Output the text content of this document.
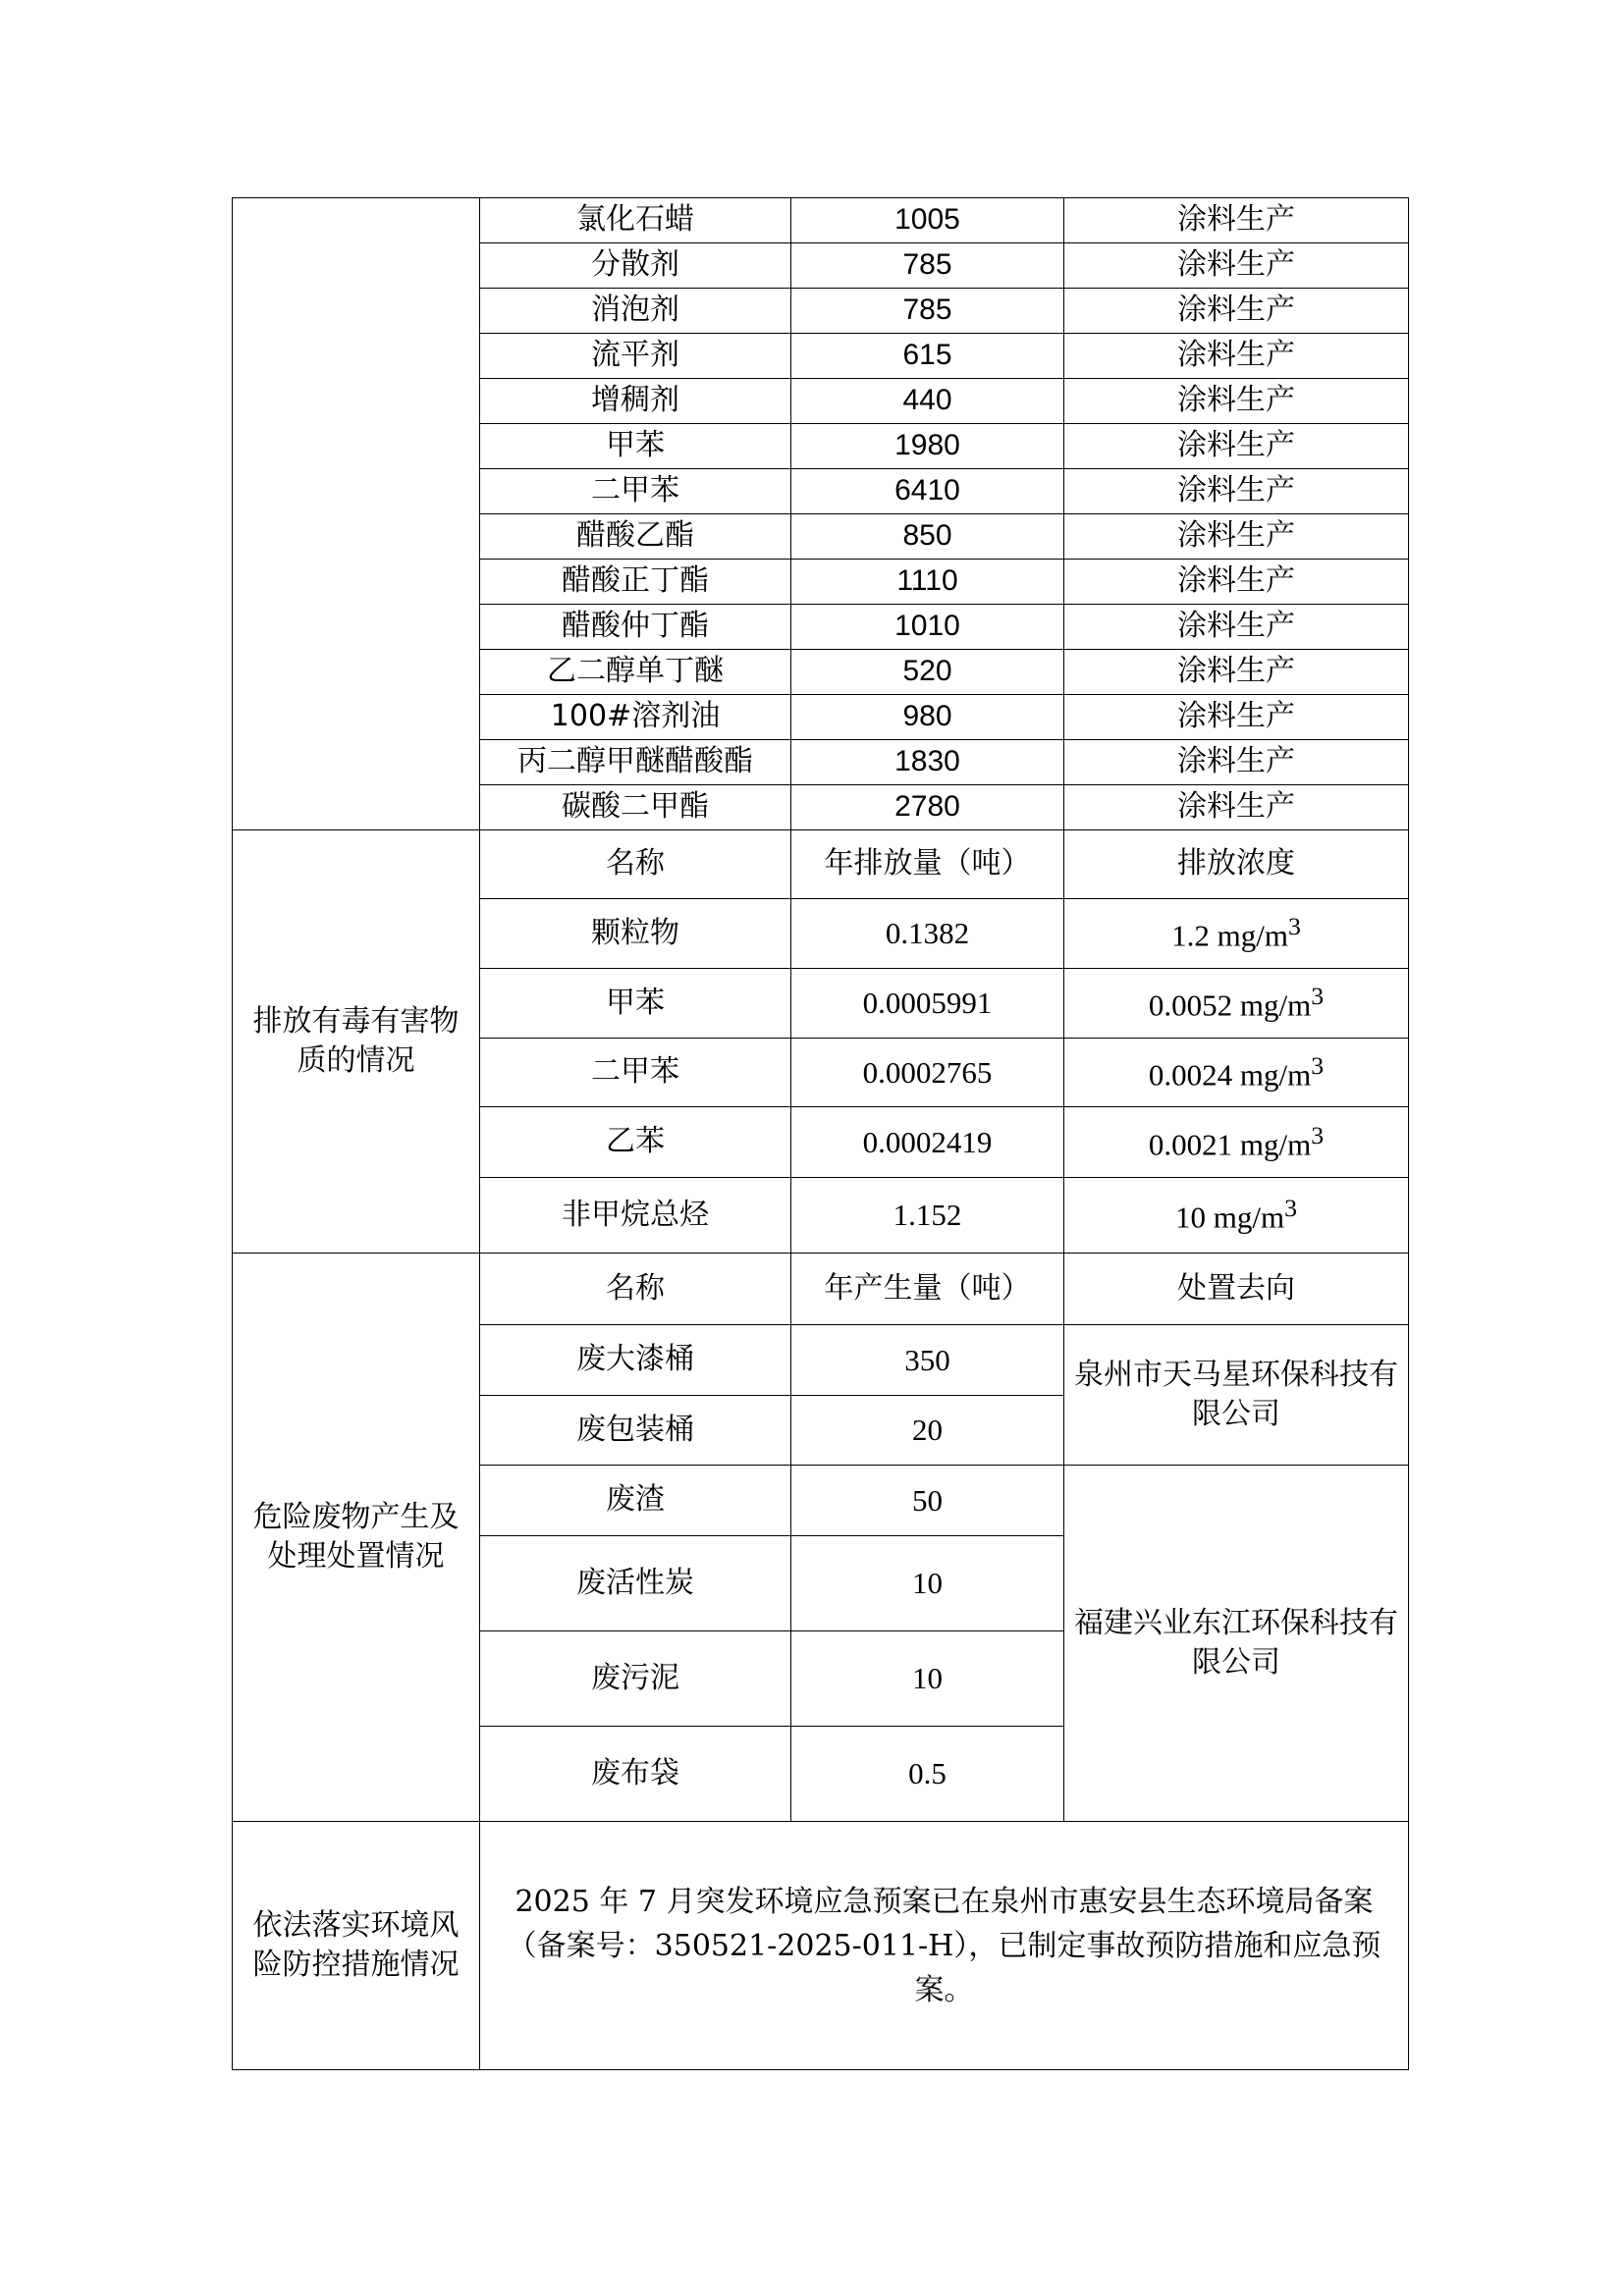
	氯化石蜡	1005	涂料生产
	分散剂	785	涂料生产
	消泡剂	785	涂料生产
	流平剂	615	涂料生产
	增稠剂	440	涂料生产
	甲苯	1980	涂料生产
	二甲苯	6410	涂料生产
	醋酸乙酯	850	涂料生产
	醋酸正丁酯	1110	涂料生产
	醋酸仲丁酯	1010	涂料生产
	乙二醇单丁醚	520	涂料生产
	100#溶剂油	980	涂料生产
	丙二醇甲醚醋酸酯	1830	涂料生产
	碳酸二甲酯	2780	涂料生产
排放有毒有害物质的情况	名称	年排放量（吨）	排放浓度
	颗粒物	0.1382	1.2 $mg/m^3$
	甲苯	0.0005991	0.0052 $mg/m^3$
	二甲苯	0.0002765	0.0024 $mg/m^3$
	乙苯	0.0002419	0.0021 $mg/m^3$
	非甲烷总烃	1.152	10 $mg/m^3$
危险废物产生及处理处置情况	名称	年产生量（吨）	处置去向
	废大漆桶	350	泉州市天马星环保科技有限公司
	废包装桶	20	
	废渣	50	福建兴业东江环保科技有限公司
	废活性炭	10	
	废污泥	10	
	废布袋	0.5	
依法落实环境风险防控措施情况	2025 年 7 月突发环境应急预案已在泉州市惠安县生态环境局备案（备案号：350521-2025-011-H），已制定事故预防措施和应急预案。		
